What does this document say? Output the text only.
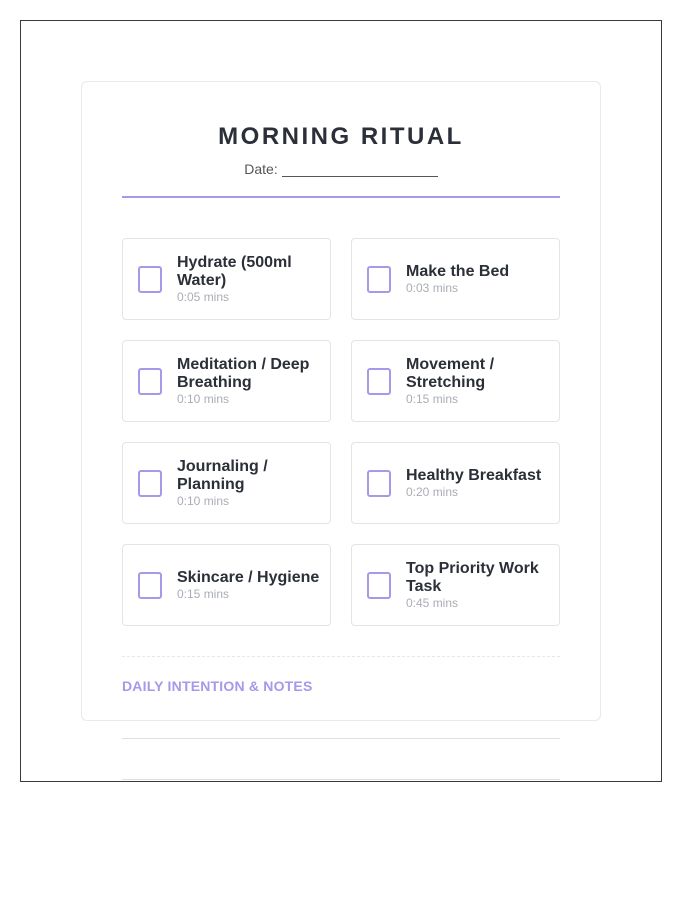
MORNING RITUAL
Date:
Hydrate (500ml Water)
0:05 mins
Make the Bed
0:03 mins
Meditation / Deep Breathing
0:10 mins
Movement / Stretching
0:15 mins
Journaling / Planning
0:10 mins
Healthy Breakfast
0:20 mins
Skincare / Hygiene
0:15 mins
Top Priority Work Task
0:45 mins
DAILY INTENTION & NOTES
